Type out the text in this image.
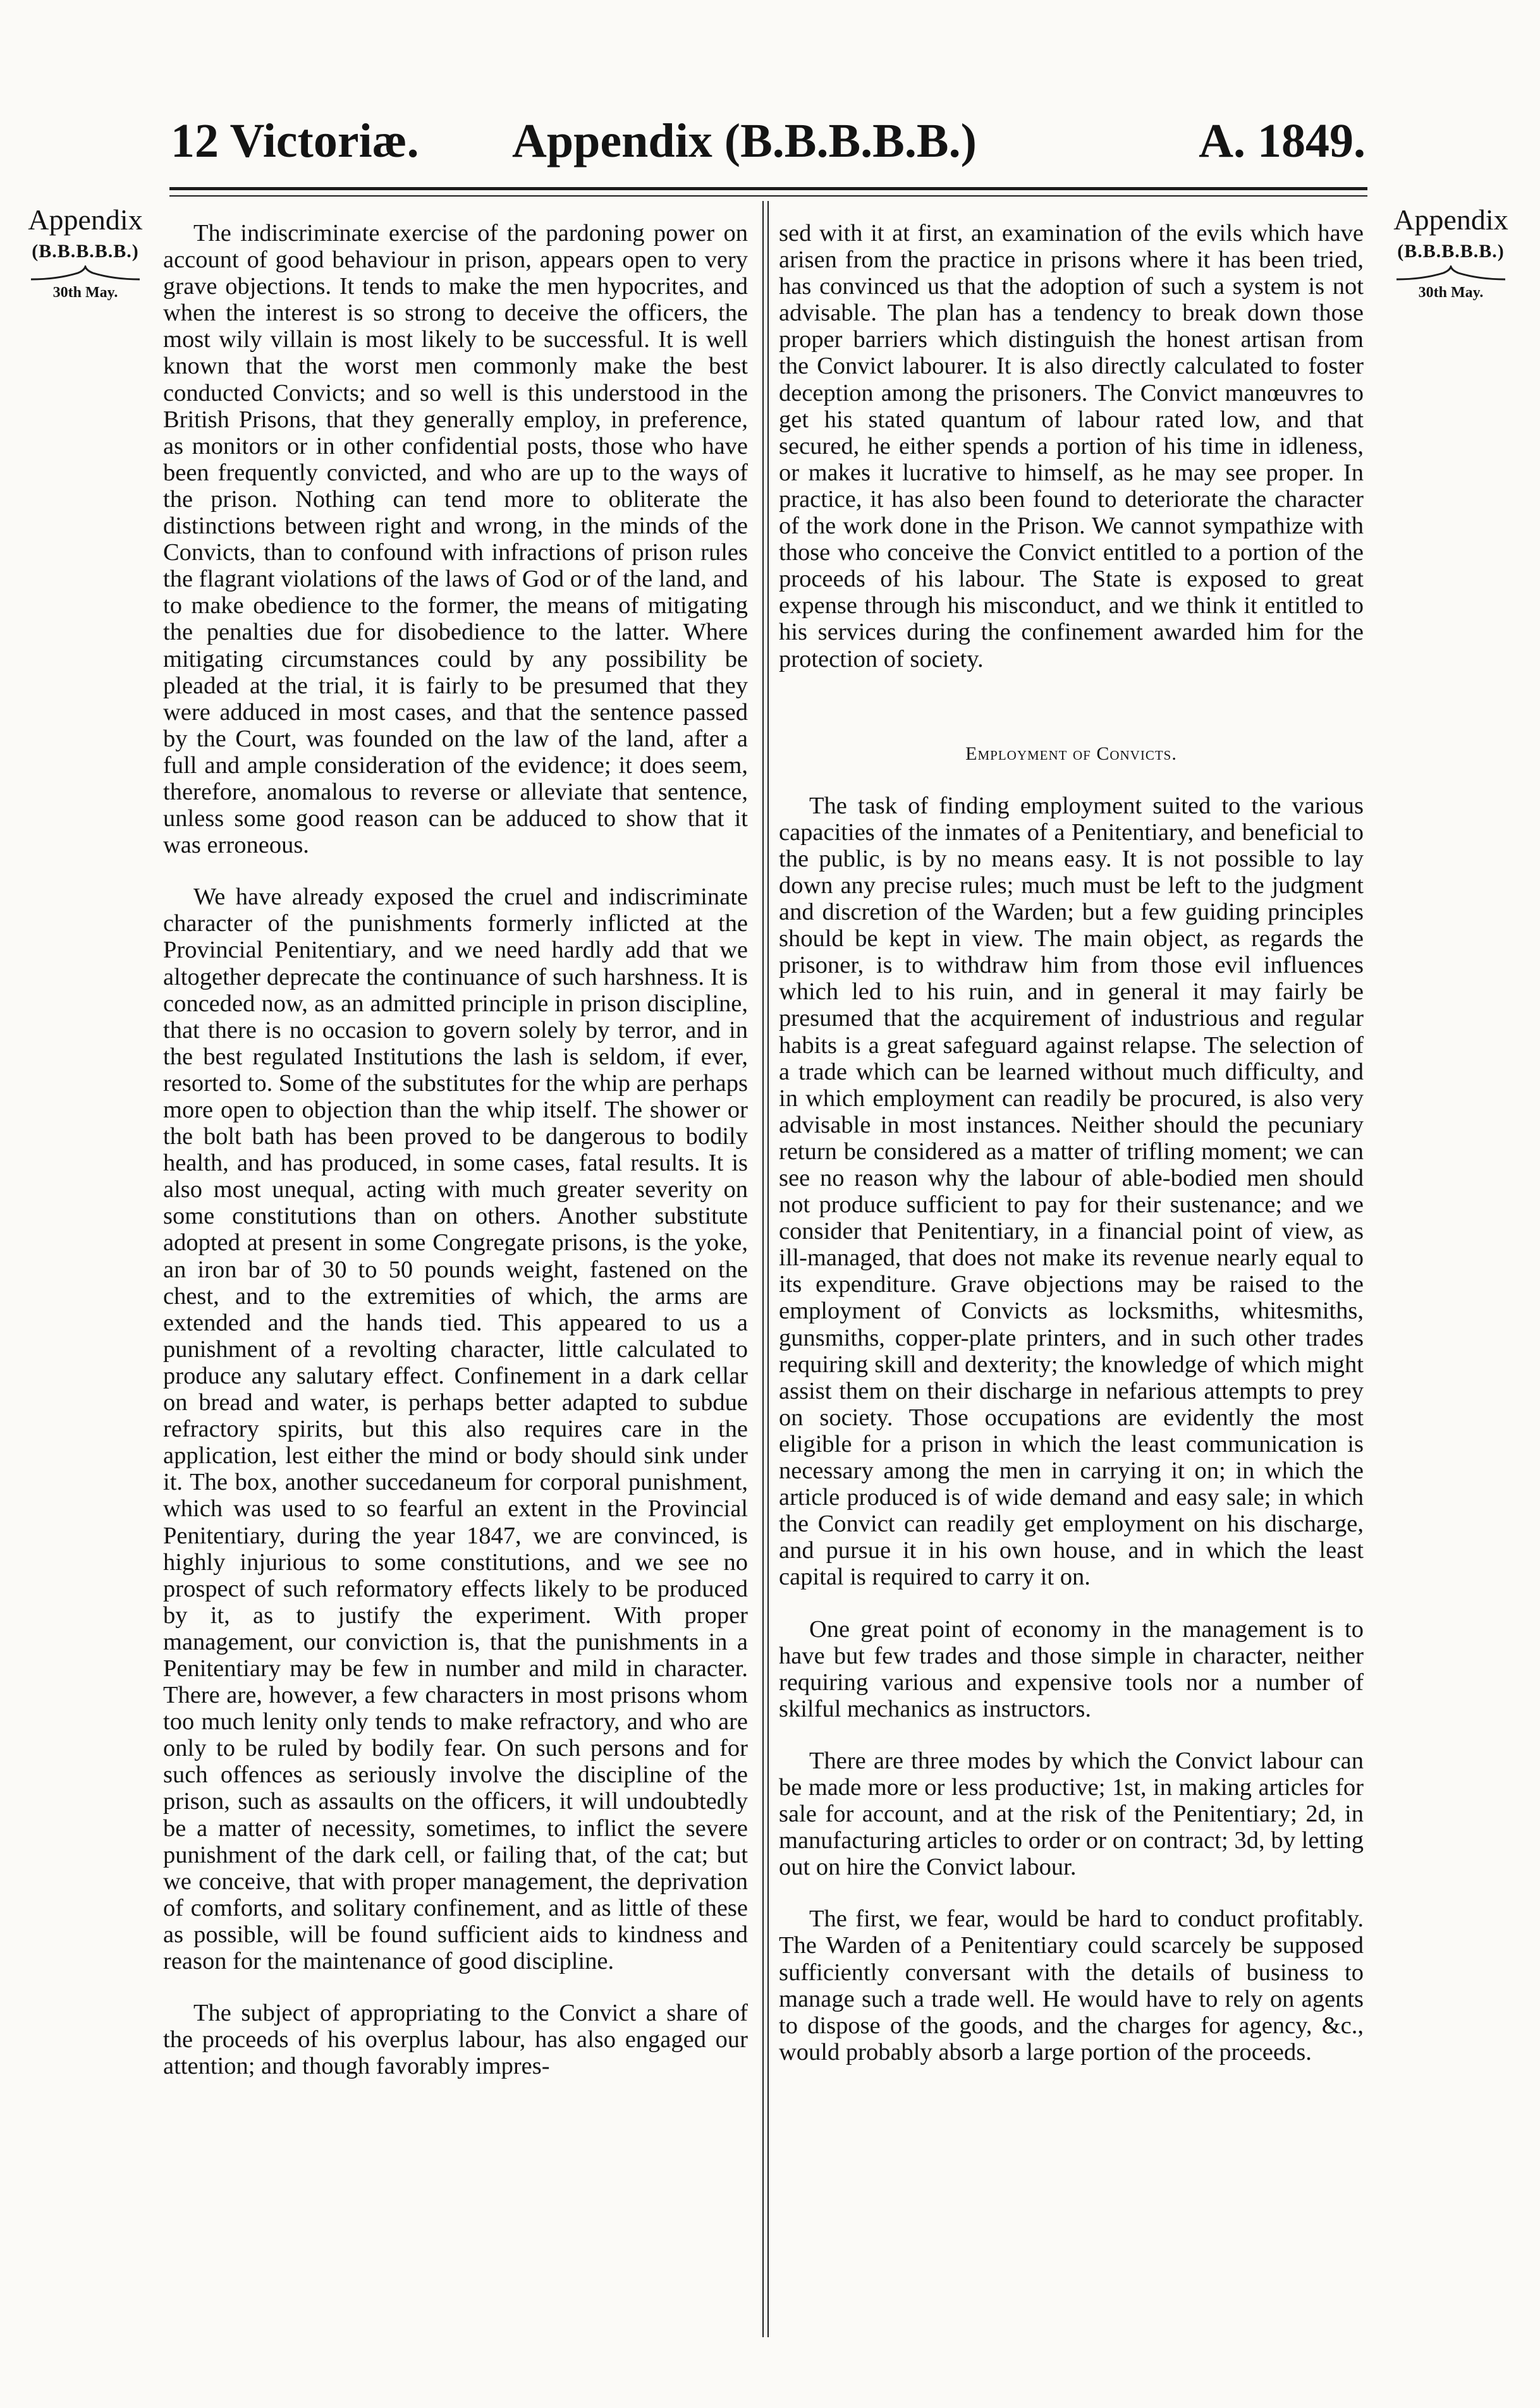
12 Victoriæ. Appendix (B.B.B.B.B.)	A. 1849.
Appendix
(B.B.B.B.B.)
30th May.
Appendix
(B.B.B.B.B.)
30th May.

The indiscriminate exercise of the pardoning power on account of good behaviour in prison, appears open to very grave objections. It tends to make the men hypocrites, and when the interest is so strong to deceive the officers, the most wily villain is most likely to be successful. It is well known that the worst men commonly make the best conducted Convicts; and so well is this understood in the British Prisons, that they generally employ, in preference, as monitors or in other confidential posts, those who have been frequently convicted, and who are up to the ways of the prison. Nothing can tend more to obliterate the distinctions between right and wrong, in the minds of the Convicts, than to confound with infractions of prison rules the flagrant violations of the laws of God or of the land, and to make obedience to the former, the means of mitigating the penalties due for disobedience to the latter. Where mitigating circumstances could by any possibility be pleaded at the trial, it is fairly to be presumed that they were adduced in most cases, and that the sentence passed by the Court, was founded on the law of the land, after a full and ample consideration of the evidence; it does seem, therefore, anomalous to reverse or alleviate that sentence, unless some good reason can be adduced to show that it was erroneous.

We have already exposed the cruel and indiscriminate character of the punishments formerly inflicted at the Provincial Penitentiary, and we need hardly add that we altogether deprecate the continuance of such harshness. It is conceded now, as an admitted principle in prison discipline, that there is no occasion to govern solely by terror, and in the best regulated Institutions the lash is seldom, if ever, resorted to. Some of the substitutes for the whip are perhaps more open to objection than the whip itself. The shower or the bolt bath has been proved to be dangerous to bodily health, and has produced, in some cases, fatal results. It is also most unequal, acting with much greater severity on some constitutions than on others. Another substitute adopted at present in some Congregate prisons, is the yoke, an iron bar of 30 to 50 pounds weight, fastened on the chest, and to the extremities of which, the arms are extended and the hands tied. This appeared to us a punishment of a revolting character, little calculated to produce any salutary effect. Confinement in a dark cellar on bread and water, is perhaps better adapted to subdue refractory spirits, but this also requires care in the application, lest either the mind or body should sink under it. The box, another succedaneum for corporal punishment, which was used to so fearful an extent in the Provincial Penitentiary, during the year 1847, we are convinced, is highly injurious to some constitutions, and we see no prospect of such reformatory effects likely to be produced by it, as to justify the experiment. With proper management, our conviction is, that the punishments in a Penitentiary may be few in number and mild in character. There are, however, a few characters in most prisons whom too much lenity only tends to make refractory, and who are only to be ruled by bodily fear. On such persons and for such offences as seriously involve the discipline of the prison, such as assaults on the officers, it will undoubtedly be a matter of necessity, sometimes, to inflict the severe punishment of the dark cell, or failing that, of the cat; but we conceive, that with proper management, the deprivation of comforts, and solitary confinement, and as little of these as possible, will be found sufficient aids to kindness and reason for the maintenance of good discipline.

The subject of appropriating to the Convict a share of the proceeds of his overplus labour, has also engaged our attention; and though favorably impres-

sed with it at first, an examination of the evils which have arisen from the practice in prisons where it has been tried, has convinced us that the adoption of such a system is not advisable. The plan has a tendency to break down those proper barriers which distinguish the honest artisan from the Convict labourer. It is also directly calculated to foster deception among the prisoners. The Convict manœuvres to get his stated quantum of labour rated low, and that secured, he either spends a portion of his time in idleness, or makes it lucrative to himself, as he may see proper. In practice, it has also been found to deteriorate the character of the work done in the Prison. We cannot sympathize with those who conceive the Convict entitled to a portion of the proceeds of his labour. The State is exposed to great expense through his misconduct, and we think it entitled to his services during the confinement awarded him for the protection of society.

Employment of Convicts.

The task of finding employment suited to the various capacities of the inmates of a Penitentiary, and beneficial to the public, is by no means easy. It is not possible to lay down any precise rules; much must be left to the judgment and discretion of the Warden; but a few guiding principles should be kept in view. The main object, as regards the prisoner, is to withdraw him from those evil influences which led to his ruin, and in general it may fairly be presumed that the acquirement of industrious and regular habits is a great safeguard against relapse. The selection of a trade which can be learned without much difficulty, and in which employment can readily be procured, is also very advisable in most instances. Neither should the pecuniary return be considered as a matter of trifling moment; we can see no reason why the labour of able-bodied men should not produce sufficient to pay for their sustenance; and we consider that Penitentiary, in a financial point of view, as ill-managed, that does not make its revenue nearly equal to its expenditure. Grave objections may be raised to the employment of Convicts as locksmiths, whitesmiths, gunsmiths, copper-plate printers, and in such other trades requiring skill and dexterity; the knowledge of which might assist them on their discharge in nefarious attempts to prey on society. Those occupations are evidently the most eligible for a prison in which the least communication is necessary among the men in carrying it on; in which the article produced is of wide demand and easy sale; in which the Convict can readily get employment on his discharge, and pursue it in his own house, and in which the least capital is required to carry it on.

One great point of economy in the management is to have but few trades and those simple in character, neither requiring various and expensive tools nor a number of skilful mechanics as instructors.

There are three modes by which the Convict labour can be made more or less productive; 1st, in making articles for sale for account, and at the risk of the Penitentiary; 2d, in manufacturing articles to order or on contract; 3d, by letting out on hire the Convict labour.

The first, we fear, would be hard to conduct profitably. The Warden of a Penitentiary could scarcely be supposed sufficiently conversant with the details of business to manage such a trade well. He would have to rely on agents to dispose of the goods, and the charges for agency, &c., would probably absorb a large portion of the proceeds.
